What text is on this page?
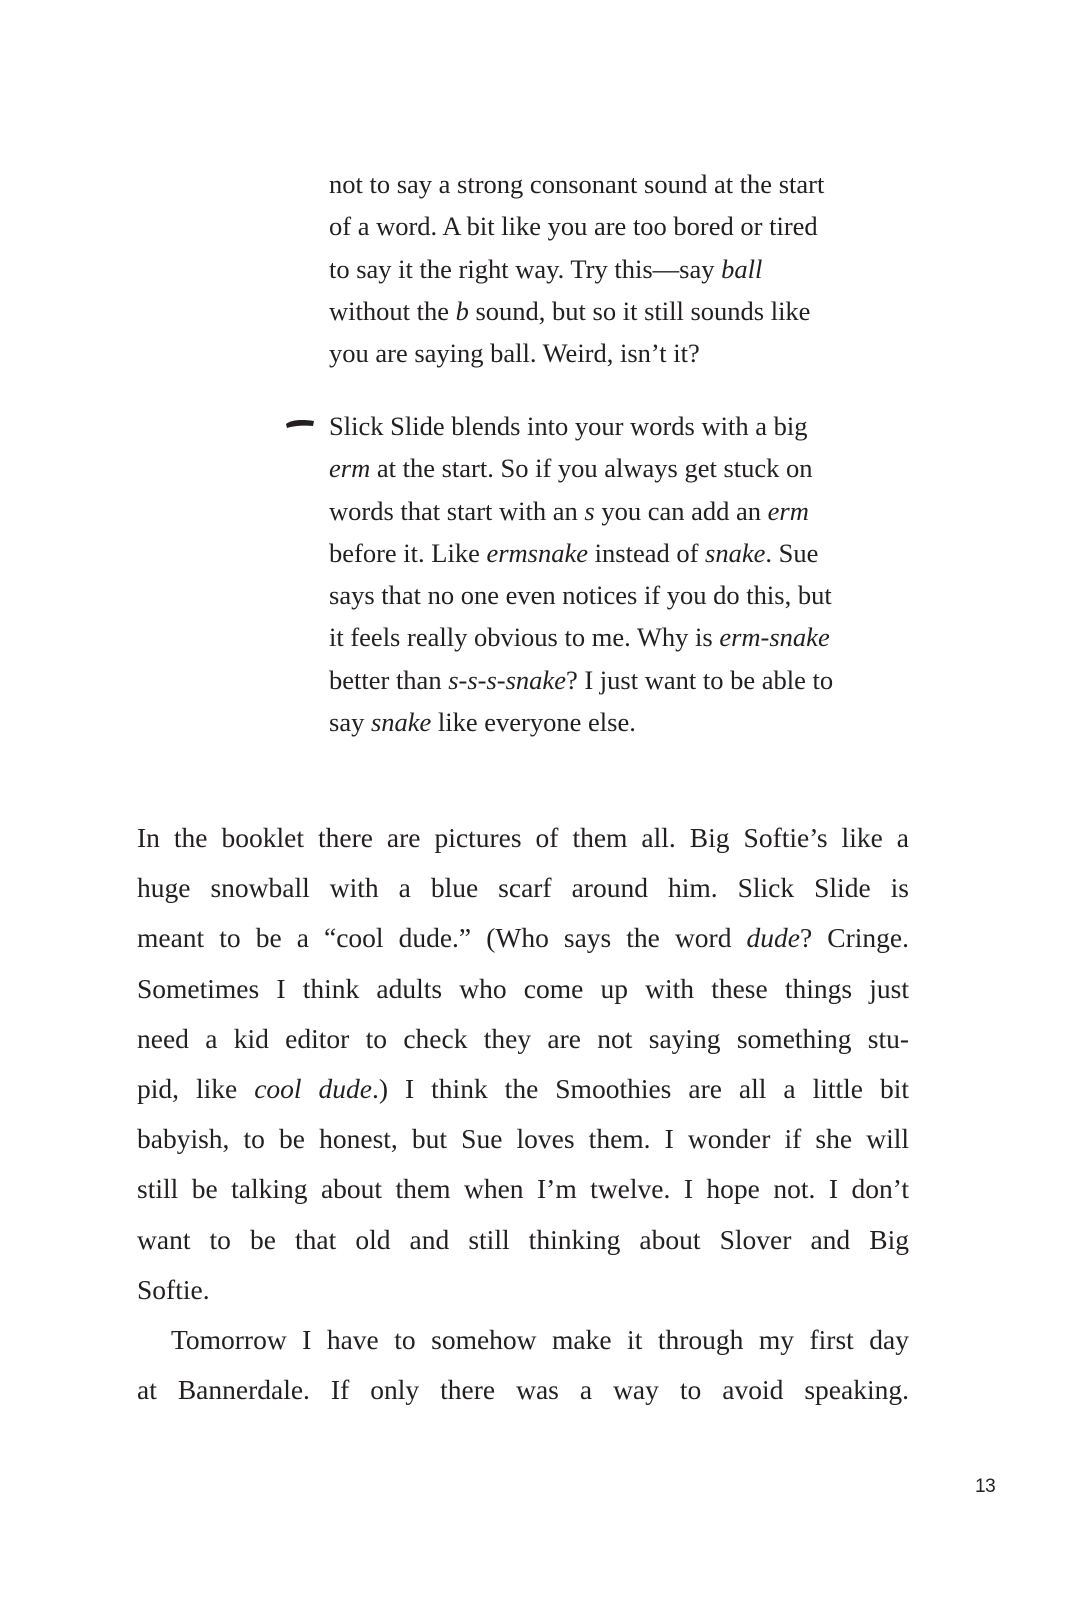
not to say a strong consonant sound at the start
of a word. A bit like you are too bored or tired
to say it the right way. Try this—say ball
without the b sound, but so it still sounds like
you are saying ball. Weird, isn’t it?
Slick Slide blends into your words with a big
erm at the start. So if you always get stuck on
words that start with an s you can add an erm
before it. Like ermsnake instead of snake. Sue
says that no one even notices if you do this, but
it feels really obvious to me. Why is erm-snake
better than s-s-s-snake? I just want to be able to
say snake like everyone else.
In the booklet there are pictures of them all. Big Softie’s like a
huge snowball with a blue scarf around him. Slick Slide is
meant to be a “cool dude.” (Who says the word dude? Cringe.
Sometimes I think adults who come up with these things just
need a kid editor to check they are not saying something stu-
pid, like cool dude.) I think the Smoothies are all a little bit
babyish, to be honest, but Sue loves them. I wonder if she will
still be talking about them when I’m twelve. I hope not. I don’t
want to be that old and still thinking about Slover and Big
Softie.
Tomorrow I have to somehow make it through my first day
at Bannerdale. If only there was a way to avoid speaking.
13
